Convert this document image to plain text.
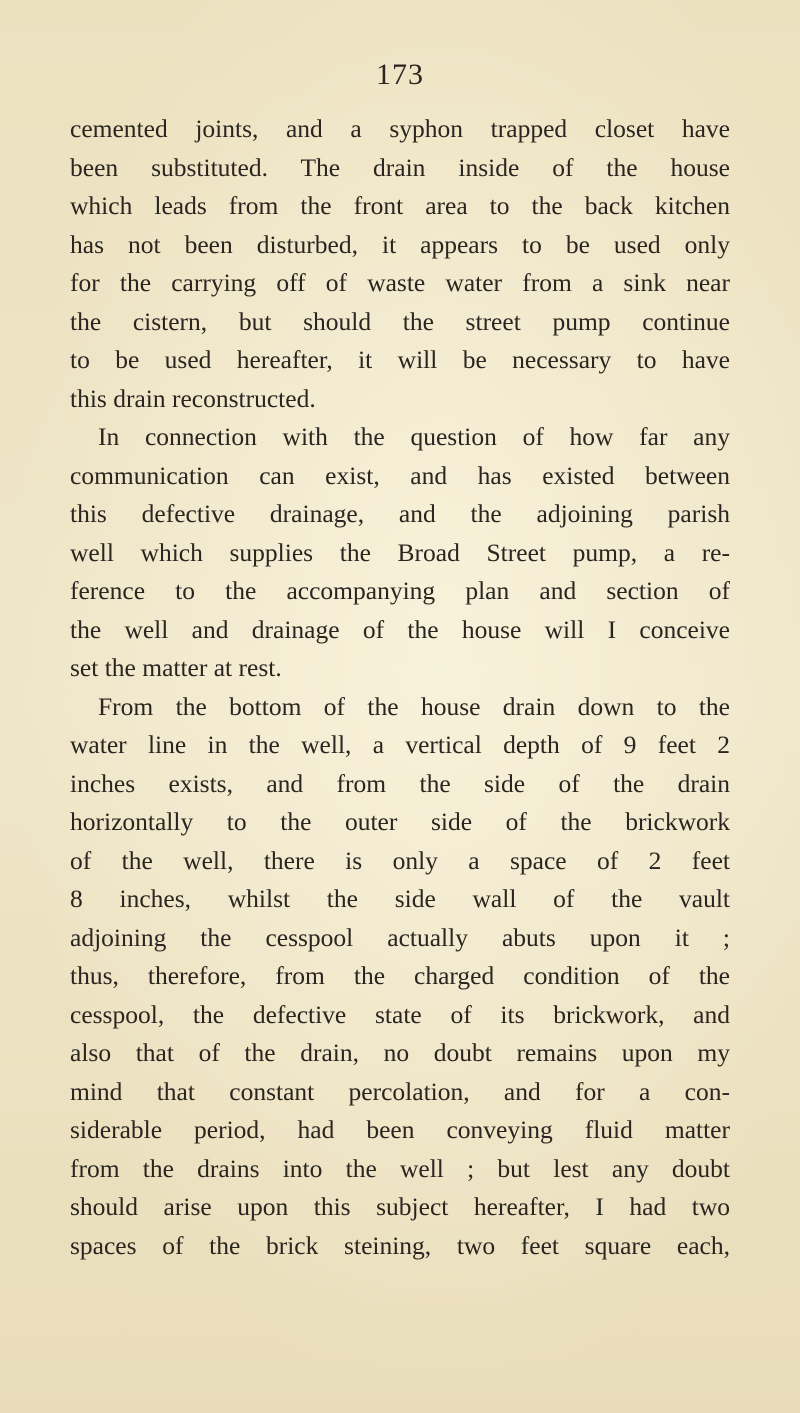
173
cemented joints, and a syphon trapped closet have
been substituted. The drain inside of the house
which leads from the front area to the back kitchen
has not been disturbed, it appears to be used only
for the carrying off of waste water from a sink near
the cistern, but should the street pump continue
to be used hereafter, it will be necessary to have
this drain reconstructed.
In connection with the question of how far any
communication can exist, and has existed between
this defective drainage, and the adjoining parish
well which supplies the Broad Street pump, a re-
ference to the accompanying plan and section of
the well and drainage of the house will I conceive
set the matter at rest.
From the bottom of the house drain down to the
water line in the well, a vertical depth of 9 feet 2
inches exists, and from the side of the drain
horizontally to the outer side of the brickwork
of the well, there is only a space of 2 feet
8 inches, whilst the side wall of the vault
adjoining the cesspool actually abuts upon it ;
thus, therefore, from the charged condition of the
cesspool, the defective state of its brickwork, and
also that of the drain, no doubt remains upon my
mind that constant percolation, and for a con-
siderable period, had been conveying fluid matter
from the drains into the well ; but lest any doubt
should arise upon this subject hereafter, I had two
spaces of the brick steining, two feet square each,
